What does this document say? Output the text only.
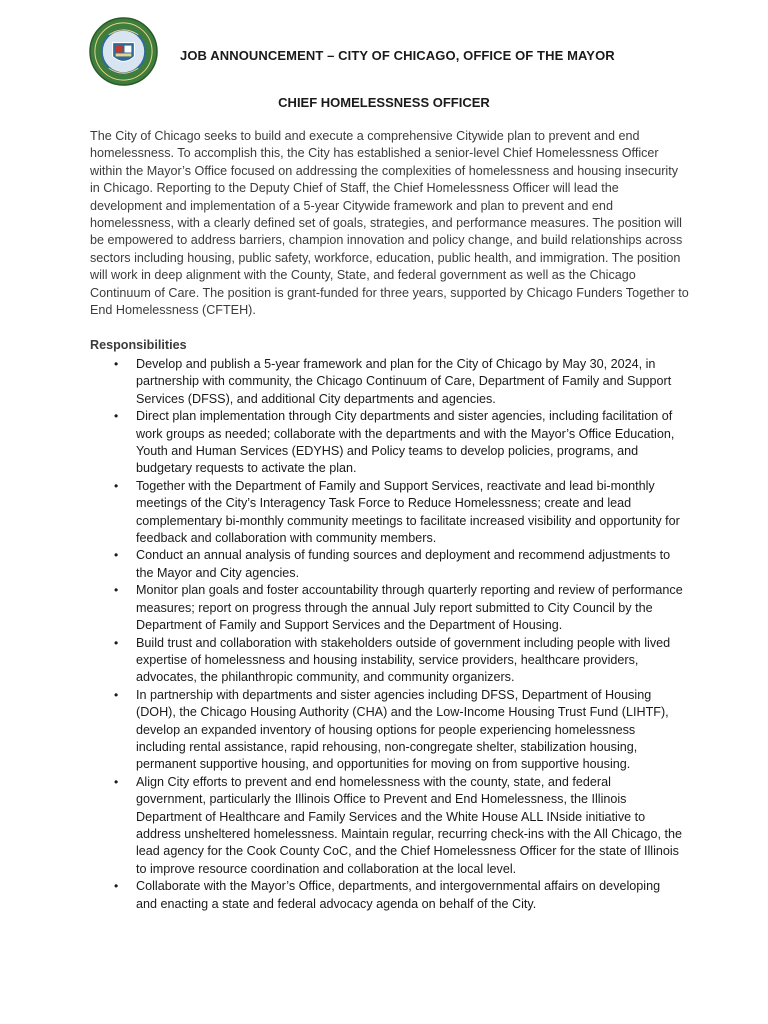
JOB ANNOUNCEMENT – CITY OF CHICAGO, OFFICE OF THE MAYOR
CHIEF HOMELESSNESS OFFICER

The City of Chicago seeks to build and execute a comprehensive Citywide plan to prevent and end homelessness. To accomplish this, the City has established a senior-level Chief Homelessness Officer within the Mayor’s Office focused on addressing the complexities of homelessness and housing insecurity in Chicago. Reporting to the Deputy Chief of Staff, the Chief Homelessness Officer will lead the development and implementation of a 5-year Citywide framework and plan to prevent and end homelessness, with a clearly defined set of goals, strategies, and performance measures. The position will be empowered to address barriers, champion innovation and policy change, and build relationships across sectors including housing, public safety, workforce, education, public health, and immigration. The position will work in deep alignment with the County, State, and federal government as well as the Chicago Continuum of Care. The position is grant-funded for three years, supported by Chicago Funders Together to End Homelessness (CFTEH).

Responsibilities
• Develop and publish a 5-year framework and plan for the City of Chicago by May 30, 2024, in partnership with community, the Chicago Continuum of Care, Department of Family and Support Services (DFSS), and additional City departments and agencies.
• Direct plan implementation through City departments and sister agencies, including facilitation of work groups as needed; collaborate with the departments and with the Mayor’s Office Education, Youth and Human Services (EDYHS) and Policy teams to develop policies, programs, and budgetary requests to activate the plan.
• Together with the Department of Family and Support Services, reactivate and lead bi-monthly meetings of the City’s Interagency Task Force to Reduce Homelessness; create and lead complementary bi-monthly community meetings to facilitate increased visibility and opportunity for feedback and collaboration with community members.
• Conduct an annual analysis of funding sources and deployment and recommend adjustments to the Mayor and City agencies.
• Monitor plan goals and foster accountability through quarterly reporting and review of performance measures; report on progress through the annual July report submitted to City Council by the Department of Family and Support Services and the Department of Housing.
• Build trust and collaboration with stakeholders outside of government including people with lived expertise of homelessness and housing instability, service providers, healthcare providers, advocates, the philanthropic community, and community organizers.
• In partnership with departments and sister agencies including DFSS, Department of Housing (DOH), the Chicago Housing Authority (CHA) and the Low-Income Housing Trust Fund (LIHTF), develop an expanded inventory of housing options for people experiencing homelessness including rental assistance, rapid rehousing, non-congregate shelter, stabilization housing, permanent supportive housing, and opportunities for moving on from supportive housing.
• Align City efforts to prevent and end homelessness with the county, state, and federal government, particularly the Illinois Office to Prevent and End Homelessness, the Illinois Department of Healthcare and Family Services and the White House ALL INside initiative to address unsheltered homelessness. Maintain regular, recurring check-ins with the All Chicago, the lead agency for the Cook County CoC, and the Chief Homelessness Officer for the state of Illinois to improve resource coordination and collaboration at the local level.
• Collaborate with the Mayor’s Office, departments, and intergovernmental affairs on developing and enacting a state and federal advocacy agenda on behalf of the City.
